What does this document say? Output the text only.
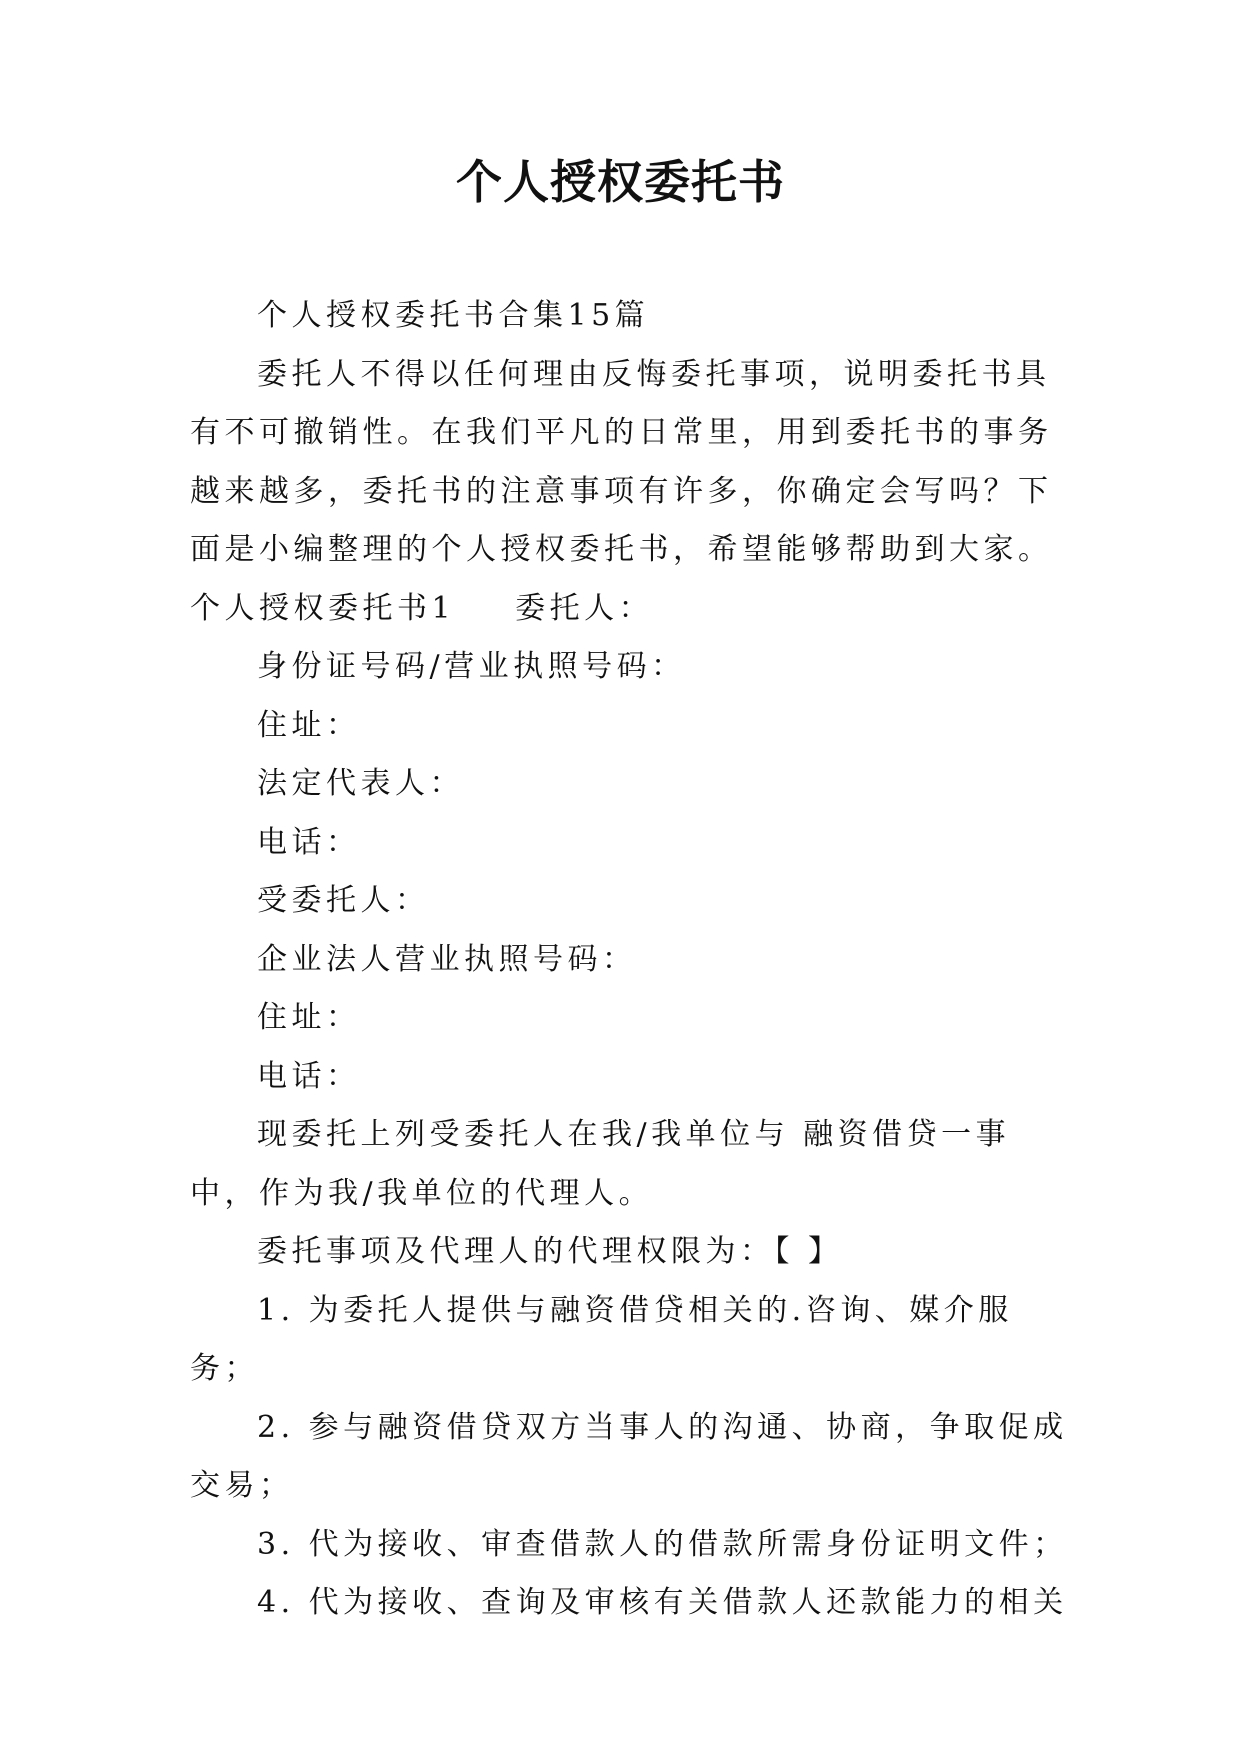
个人授权委托书

个人授权委托书合集15篇

委托人不得以任何理由反悔委托事项，说明委托书具有不可撤销性。在我们平凡的日常里，用到委托书的事务越来越多，委托书的注意事项有许多，你确定会写吗？下面是小编整理的个人授权委托书，希望能够帮助到大家。

个人授权委托书1 委托人：

身份证号码/营业执照号码：

住址：

法定代表人：

电话：

受委托人：

企业法人营业执照号码：

住址：

电话：

现委托上列受委托人在我/我单位与 融资借贷一事中，作为我/我单位的代理人。

委托事项及代理人的代理权限为：【 】

1. 为委托人提供与融资借贷相关的.咨询、媒介服务；

2. 参与融资借贷双方当事人的沟通、协商，争取促成交易；

3. 代为接收、审查借款人的借款所需身份证明文件；

4. 代为接收、查询及审核有关借款人还款能力的相关
